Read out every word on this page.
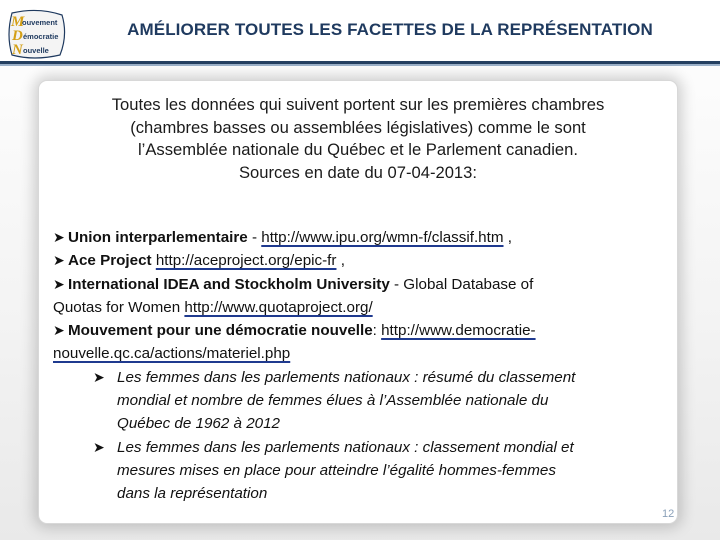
M
ouvement
D émocratie
N ouvelle
AMÉLIORER TOUTES LES FACETTES DE LA REPRÉSENTATION
Toutes les données qui suivent portent sur les premières chambres
(chambres basses ou assemblées législatives) comme le sont
l’Assemblée nationale du Québec et le Parlement canadien.
Sources en date du 07-04-2013:
➤ Union interparlementaire - http://www.ipu.org/wmn-f/classif.htm ,
➤ Ace Project http://aceproject.org/epic-fr ,
➤ International IDEA and Stockholm University - Global Database of
Quotas for Women http://www.quotaproject.org/
➤ Mouvement pour une démocratie nouvelle: http://www.democratie-
nouvelle.qc.ca/actions/materiel.php
➤ Les femmes dans les parlements nationaux : résumé du classement
mondial et nombre de femmes élues à l’Assemblée nationale du
Québec de 1962 à 2012
➤ Les femmes dans les parlements nationaux : classement mondial et
mesures mises en place pour atteindre l’égalité hommes-femmes
dans la représentation
12
